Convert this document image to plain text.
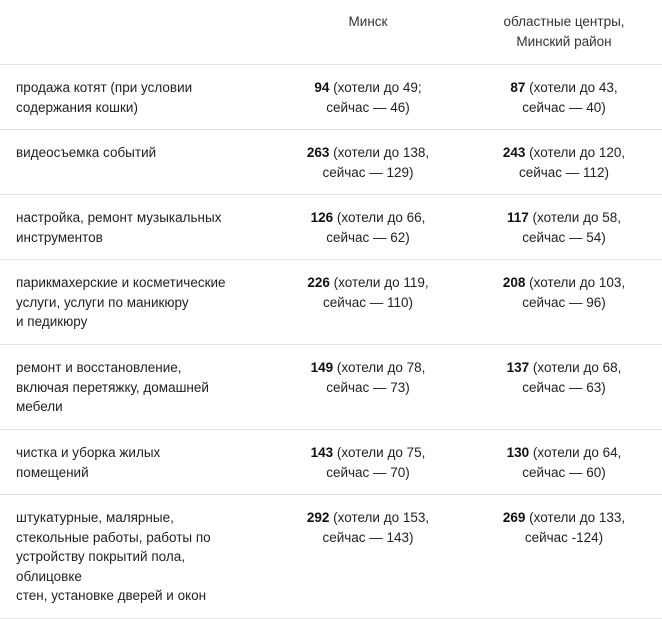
Минск	областные центры,
Минский район
продажа котят (при условии
содержания кошки)
94 (хотели до 49;
сейчас — 46)
87 (хотели до 43,
сейчас — 40)
видеосъемка событий	263 (хотели до 138,
сейчас — 129)
243 (хотели до 120,
сейчас — 112)
настройка, ремонт музыкальных
инструментов
126 (хотели до 66,
сейчас — 62)
117 (хотели до 58,
сейчас — 54)
парикмахерские и косметические
услуги, услуги по маникюру
и педикюру
226 (хотели до 119,
сейчас — 110)
208 (хотели до 103,
сейчас — 96)
ремонт и восстановление,
включая перетяжку, домашней
мебели
149 (хотели до 78,
сейчас — 73)
137 (хотели до 68,
сейчас — 63)
чистка и уборка жилых
помещений
143 (хотели до 75,
сейчас — 70)
130 (хотели до 64,
сейчас — 60)
штукатурные, малярные,
стекольные работы, работы по
устройству покрытий пола,
облицовке
стен, установке дверей и окон
292 (хотели до 153,
сейчас — 143)
269 (хотели до 133,
сейчас -124)
